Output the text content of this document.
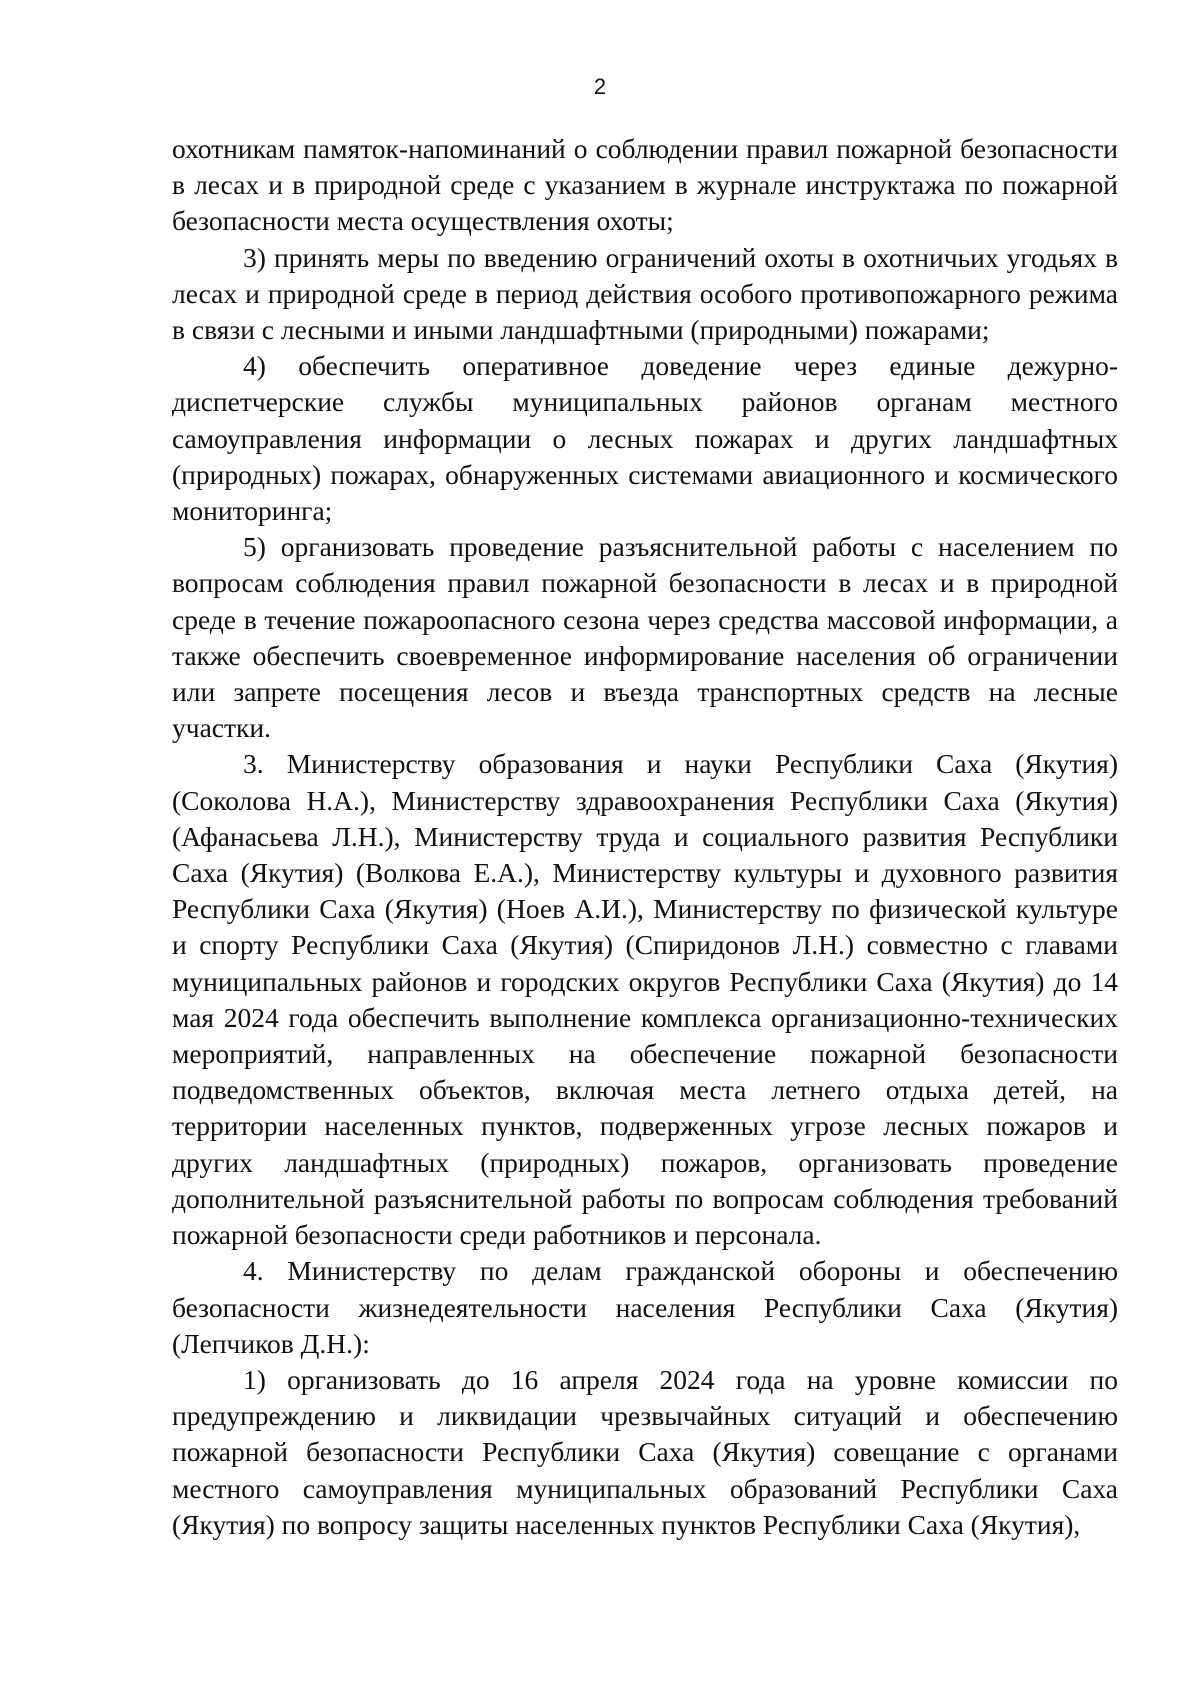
2

охотникам памяток-напоминаний о соблюдении правил пожарной безопасности в лесах и в природной среде с указанием в журнале инструктажа по пожарной безопасности места осуществления охоты;

3) принять меры по введению ограничений охоты в охотничьих угодьях в лесах и природной среде в период действия особого противопожарного режима в связи с лесными и иными ландшафтными (природными) пожарами;

4) обеспечить оперативное доведение через единые дежурно-диспетчерские службы муниципальных районов органам местного самоуправления информации о лесных пожарах и других ландшафтных (природных) пожарах, обнаруженных системами авиационного и космического мониторинга;

5) организовать проведение разъяснительной работы с населением по вопросам соблюдения правил пожарной безопасности в лесах и в природной среде в течение пожароопасного сезона через средства массовой информации, а также обеспечить своевременное информирование населения об ограничении или запрете посещения лесов и въезда транспортных средств на лесные участки.

3. Министерству образования и науки Республики Саха (Якутия) (Соколова Н.А.), Министерству здравоохранения Республики Саха (Якутия) (Афанасьева Л.Н.), Министерству труда и социального развития Республики Саха (Якутия) (Волкова Е.А.), Министерству культуры и духовного развития Республики Саха (Якутия) (Ноев А.И.), Министерству по физической культуре и спорту Республики Саха (Якутия) (Спиридонов Л.Н.) совместно с главами муниципальных районов и городских округов Республики Саха (Якутия) до 14 мая 2024 года обеспечить выполнение комплекса организационно-технических мероприятий, направленных на обеспечение пожарной безопасности подведомственных объектов, включая места летнего отдыха детей, на территории населенных пунктов, подверженных угрозе лесных пожаров и других ландшафтных (природных) пожаров, организовать проведение дополнительной разъяснительной работы по вопросам соблюдения требований пожарной безопасности среди работников и персонала.

4. Министерству по делам гражданской обороны и обеспечению безопасности жизнедеятельности населения Республики Саха (Якутия) (Лепчиков Д.Н.):

1) организовать до 16 апреля 2024 года на уровне комиссии по предупреждению и ликвидации чрезвычайных ситуаций и обеспечению пожарной безопасности Республики Саха (Якутия) совещание с органами местного самоуправления муниципальных образований Республики Саха (Якутия) по вопросу защиты населенных пунктов Республики Саха (Якутия),
